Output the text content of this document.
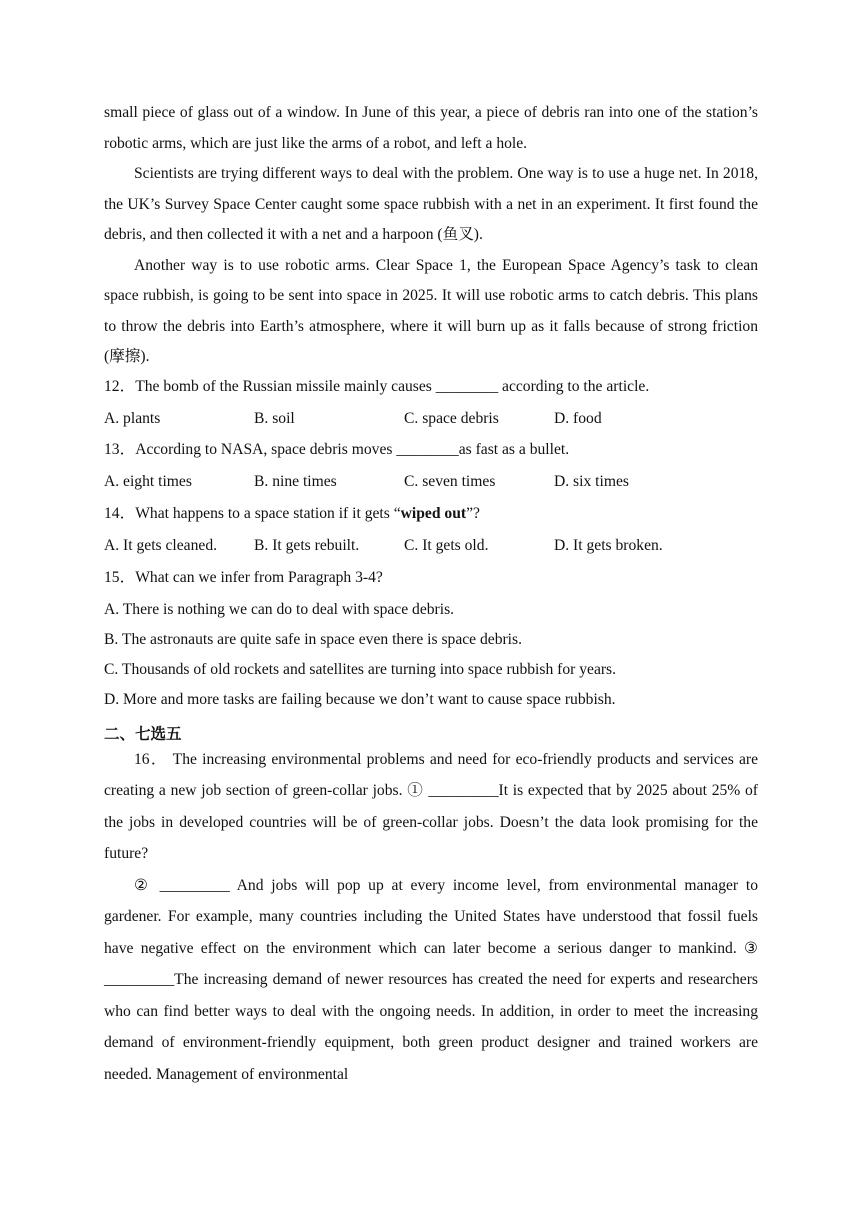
small piece of glass out of a window. In June of this year, a piece of debris ran into one of the station’s robotic arms, which are just like the arms of a robot, and left a hole.

Scientists are trying different ways to deal with the problem. One way is to use a huge net. In 2018, the UK’s Survey Space Center caught some space rubbish with a net in an experiment. It first found the debris, and then collected it with a net and a harpoon (鱼叉).

Another way is to use robotic arms. Clear Space 1, the European Space Agency’s task to clean space rubbish, is going to be sent into space in 2025. It will use robotic arms to catch debris. This plans to throw the debris into Earth’s atmosphere, where it will burn up as it falls because of strong friction (摩擦).

12．The bomb of the Russian missile mainly causes ________ according to the article.

A. plants	B. soil	C. space debris	D. food

13．According to NASA, space debris moves ________as fast as a bullet.

A. eight times	B. nine times	C. seven times	D. six times

14．What happens to a space station if it gets “wiped out”?

A. It gets cleaned.	B. It gets rebuilt.	C. It gets old.	D. It gets broken.

15．What can we infer from Paragraph 3-4?

A. There is nothing we can do to deal with space debris.

B. The astronauts are quite safe in space even there is space debris.

C. Thousands of old rockets and satellites are turning into space rubbish for years.

D. More and more tasks are failing because we don’t want to cause space rubbish.

二、七选五

16． The increasing environmental problems and need for eco-friendly products and services are creating a new job section of green-collar jobs. ① _________It is expected that by 2025 about 25% of the jobs in developed countries will be of green-collar jobs. Doesn’t the data look promising for the future?

② _________ And jobs will pop up at every income level, from environmental manager to gardener. For example, many countries including the United States have understood that fossil fuels have negative effect on the environment which can later become a serious danger to mankind. ③ _________The increasing demand of newer resources has created the need for experts and researchers who can find better ways to deal with the ongoing needs. In addition, in order to meet the increasing demand of environment-friendly equipment, both green product designer and trained workers are needed. Management of environmental
